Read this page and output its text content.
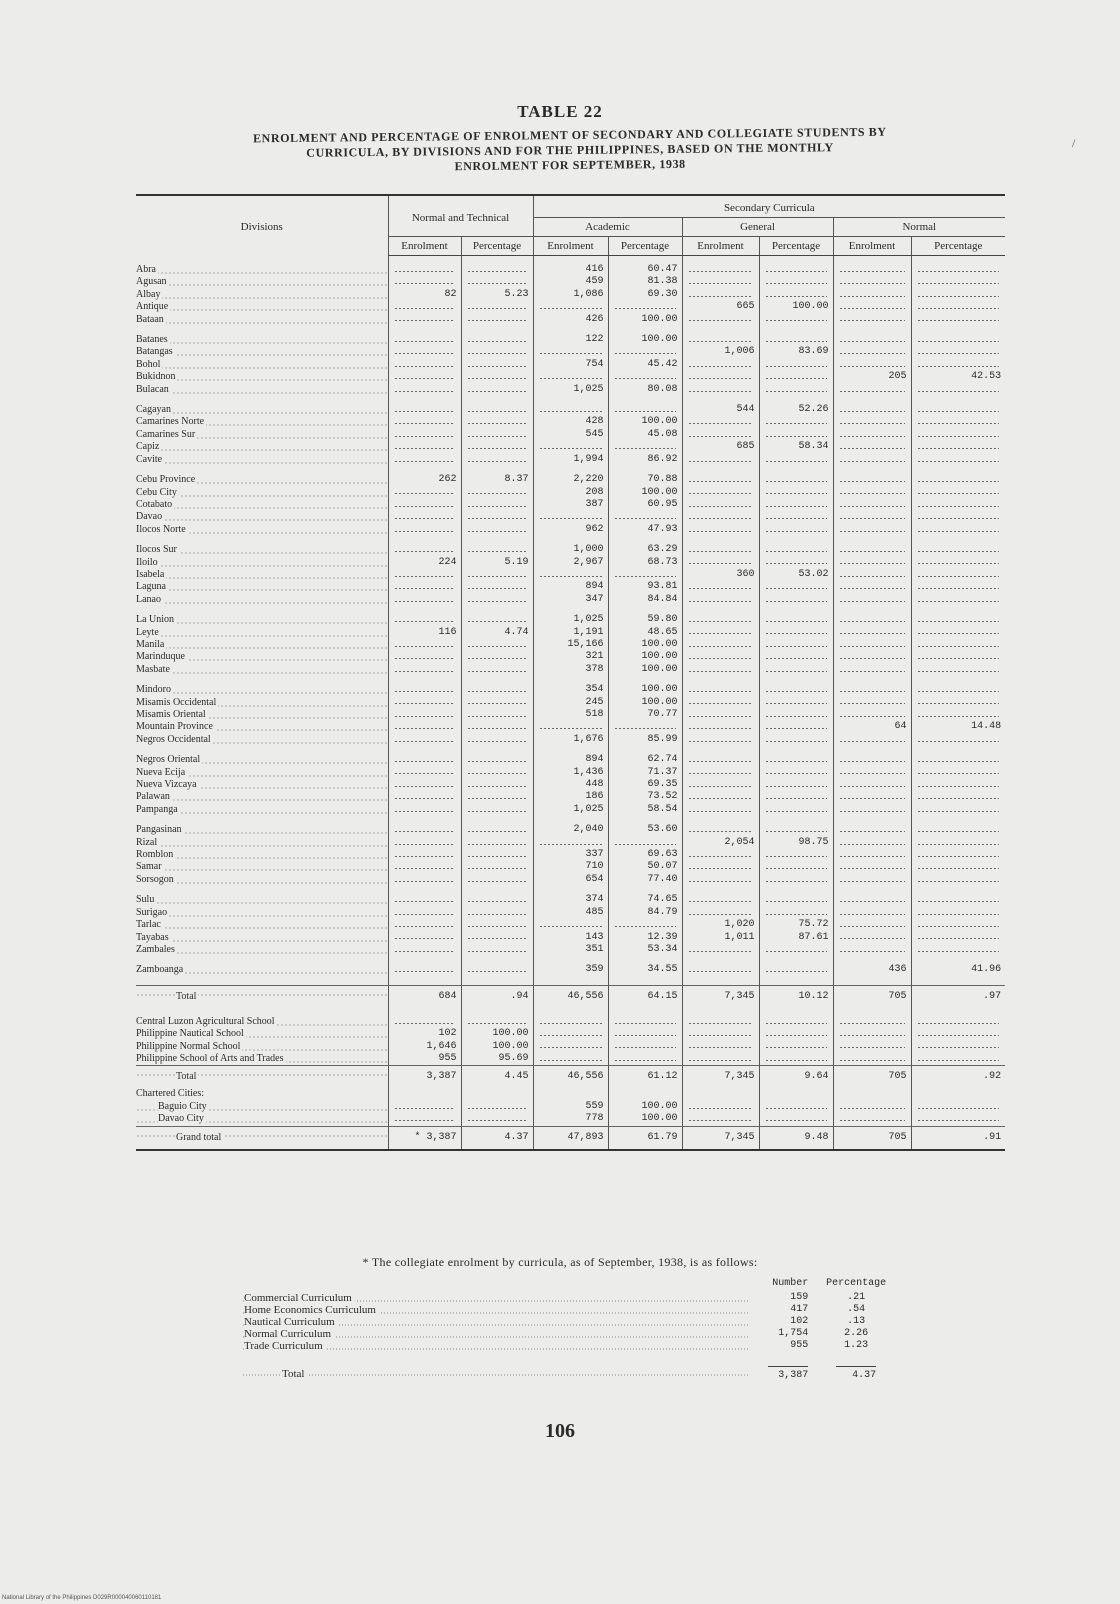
/
TABLE 22
ENROLMENT AND PERCENTAGE OF ENROLMENT OF SECONDARY AND COLLEGIATE STUDENTS BY
CURRICULA, BY DIVISIONS AND FOR THE PHILIPPINES, BASED ON THE MONTHLY
ENROLMENT FOR SEPTEMBER, 1938
Divisions	Normal and Technical		Secondary Curricula					
			Academic		General		Normal	
	Enrolment	Percentage	Enrolment	Percentage	Enrolment	Percentage	Enrolment	Percentage

Abra			416	60.47				
Agusan			459	81.38				
Albay	82	5.23	1,086	69.30				
Antique					665	100.00		
Bataan			426	100.00				

Batanes			122	100.00				
Batangas					1,006	83.69		
Bohol			754	45.42				
Bukidnon							205	42.53
Bulacan			1,025	80.08				

Cagayan					544	52.26		
Camarines Norte			428	100.00				
Camarines Sur			545	45.08				
Capiz					685	58.34		
Cavite			1,994	86.92				

Cebu Province	262	8.37	2,220	70.88				
Cebu City			208	100.00				
Cotabato			387	60.95				
Davao								
Ilocos Norte			962	47.93				

Ilocos Sur			1,000	63.29				
Iloilo	224	5.19	2,967	68.73				
Isabela					360	53.02		
Laguna			894	93.81				
Lanao			347	84.84				

La Union			1,025	59.80				
Leyte	116	4.74	1,191	48.65				
Manila			15,166	100.00				
Marinduque			321	100.00				
Masbate			378	100.00				

Mindoro			354	100.00				
Misamis Occidental			245	100.00				
Misamis Oriental			518	70.77				
Mountain Province							64	14.48
Negros Occidental			1,676	85.99				

Negros Oriental			894	62.74				
Nueva Ecija			1,436	71.37				
Nueva Vizcaya			448	69.35				
Palawan			186	73.52				
Pampanga			1,025	58.54				

Pangasinan			2,040	53.60				
Rizal					2,054	98.75		
Romblon			337	69.63				
Samar			710	50.07				
Sorsogon			654	77.40				

Sulu			374	74.65				
Surigao			485	84.79				
Tarlac					1,020	75.72		
Tayabas			143	12.39	1,011	87.61		
Zambales			351	53.34				

Zamboanga			359	34.55			436	41.96

Total	684	.94	46,556	64.15	7,345	10.12	705	.97

Central Luzon Agricultural School								
Philippine Nautical School	102	100.00						
Philippine Normal School	1,646	100.00						
Philippine School of Arts and Trades	955	95.69						
Total	3,387	4.45	46,556	61.12	7,345	9.64	705	.92
Chartered Cities:								
Baguio City			559	100.00				
Davao City			778	100.00				
Grand total	* 3,387	4.37	47,893	61.79	7,345	9.48	705	.91
* The collegiate enrolment by curricula, as of September, 1938, is as follows:
	Number	Percentage
Commercial Curriculum	159	.21
Home Economics Curriculum	417	.54
Nautical Curriculum	102	.13
Normal Curriculum	1,754	2.26
Trade Curriculum	955	1.23
Total	3,387	4.37
106
National Library of the Philippines D029R000040060110181
